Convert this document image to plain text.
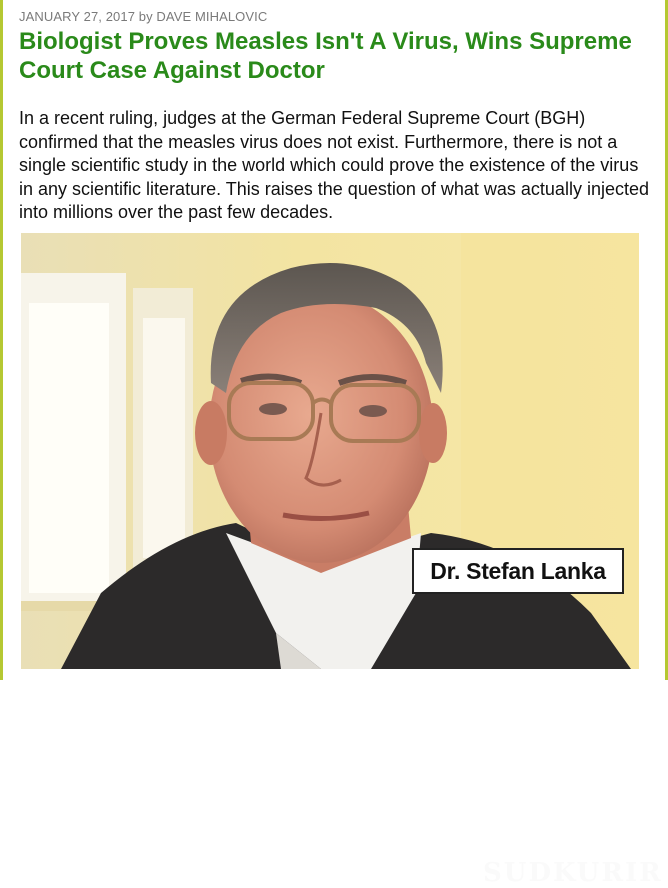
JANUARY 27, 2017 by DAVE MIHALOVIC
Biologist Proves Measles Isn't A Virus, Wins Supreme Court Case Against Doctor

In a recent ruling, judges at the German Federal Supreme Court (BGH) confirmed that the measles virus does not exist. Furthermore, there is not a single scientific study in the world which could prove the existence of the virus in any scientific literature. This raises the question of what was actually injected into millions over the past few decades.

SUDKURIR
Dr. Stefan Lanka
